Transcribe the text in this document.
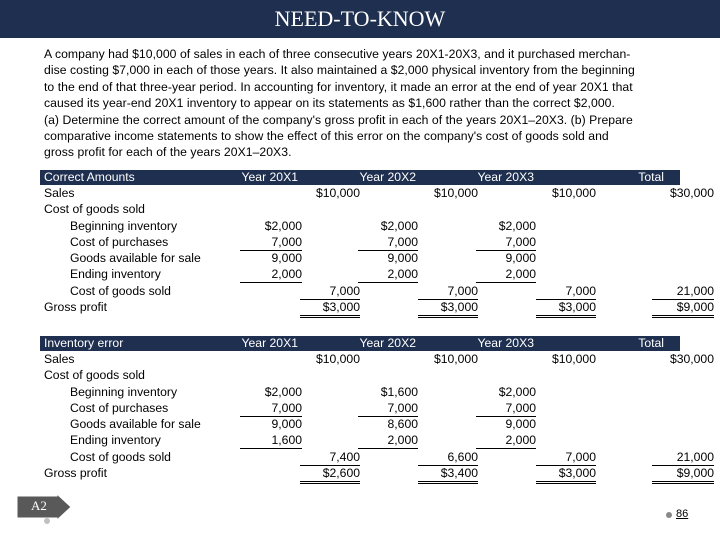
NEED-TO-KNOW

A company had $10,000 of sales in each of three consecutive years 20X1-20X3, and it purchased merchan-

dise costing $7,000 in each of those years. It also maintained a $2,000 physical inventory from the beginning

to the end of that three-year period. In accounting for inventory, it made an error at the end of year 20X1 that

caused its year-end 20X1 inventory to appear on its statements as $1,600 rather than the correct $2,000.

(a) Determine the correct amount of the company's gross profit in each of the years 20X1–20X3. (b) Prepare

comparative income statements to show the effect of this error on the company's cost of goods sold and

gross profit for each of the years 20X1–20X3.

Correct Amounts	Year 20X1	Year 20X2	Year 20X3	Total
Sales	$10,000	$10,000	$10,000	$30,000
Cost of goods sold
Beginning inventory	$2,000	$2,000	$2,000
Cost of purchases	7,000	7,000	7,000
Goods available for sale	9,000	9,000	9,000
Ending inventory	2,000	2,000	2,000
Cost of goods sold	7,000	7,000	7,000	21,000
Gross profit	$3,000	$3,000	$3,000	$9,000
Inventory error	Year 20X1	Year 20X2	Year 20X3	Total
Sales	$10,000	$10,000	$10,000	$30,000
Cost of goods sold
Beginning inventory	$2,000	$1,600	$2,000
Cost of purchases	7,000	7,000	7,000
Goods available for sale	9,000	8,600	9,000
Ending inventory	1,600	2,000	2,000
Cost of goods sold	7,400	6,600	7,000	21,000
Gross profit	$2,600	$3,400	$3,000	$9,000
A2
86
